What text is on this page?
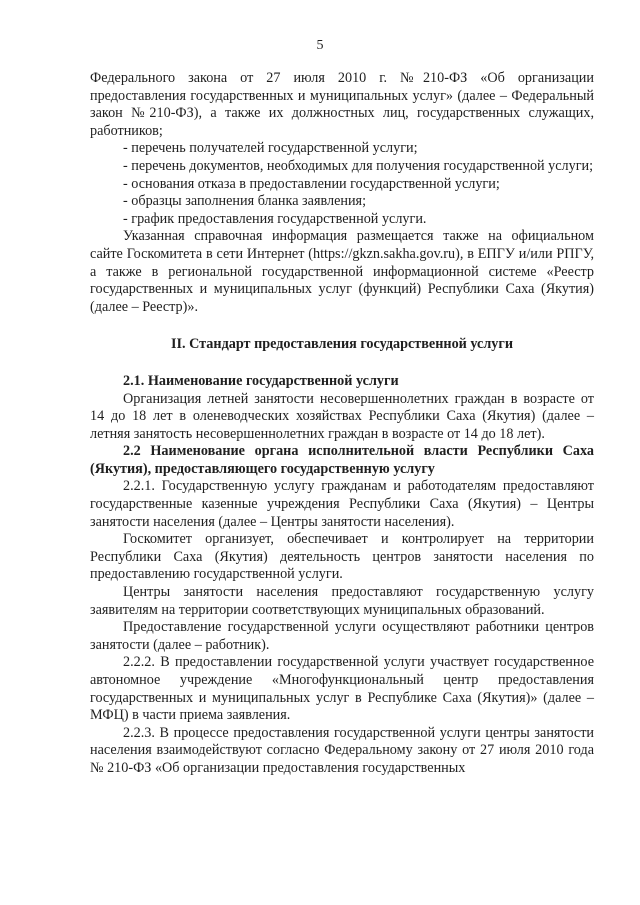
5

Федерального закона от 27 июля 2010 г. №210-ФЗ «Об организации предоставления государственных и муниципальных услуг» (далее – Федеральный закон №210-ФЗ), а также их должностных лиц, государственных служащих, работников;

- перечень получателей государственной услуги;

- перечень документов, необходимых для получения государственной услуги;

- основания отказа в предоставлении государственной услуги;

- образцы заполнения бланка заявления;

- график предоставления государственной услуги.

Указанная справочная информация размещается также на официальном сайте Госкомитета в сети Интернет (https://gkzn.sakha.gov.ru), в ЕПГУ и/или РПГУ, а также в региональной государственной информационной системе «Реестр государственных и муниципальных услуг (функций) Республики Саха (Якутия) (далее – Реестр)».

II. Стандарт предоставления государственной услуги

2.1. Наименование государственной услуги

Организация летней занятости несовершеннолетних граждан в возрасте от 14 до 18 лет в оленеводческих хозяйствах Республики Саха (Якутия) (далее – летняя занятость несовершеннолетних граждан в возрасте от 14 до 18 лет).

2.2 Наименование органа исполнительной власти Республики Саха (Якутия), предоставляющего государственную услугу

2.2.1. Государственную услугу гражданам и работодателям предоставляют государственные казенные учреждения Республики Саха (Якутия) – Центры занятости населения (далее – Центры занятости населения).

Госкомитет организует, обеспечивает и контролирует на территории Республики Саха (Якутия) деятельность центров занятости населения по предоставлению государственной услуги.

Центры занятости населения предоставляют государственную услугу заявителям на территории соответствующих муниципальных образований.

Предоставление государственной услуги осуществляют работники центров занятости (далее – работник).

2.2.2. В предоставлении государственной услуги участвует государственное автономное учреждение «Многофункциональный центр предоставления государственных и муниципальных услуг в Республике Саха (Якутия)» (далее – МФЦ) в части приема заявления.

2.2.3. В процессе предоставления государственной услуги центры занятости населения взаимодействуют согласно Федеральному закону от 27 июля 2010 года № 210-ФЗ «Об организации предоставления государственных
